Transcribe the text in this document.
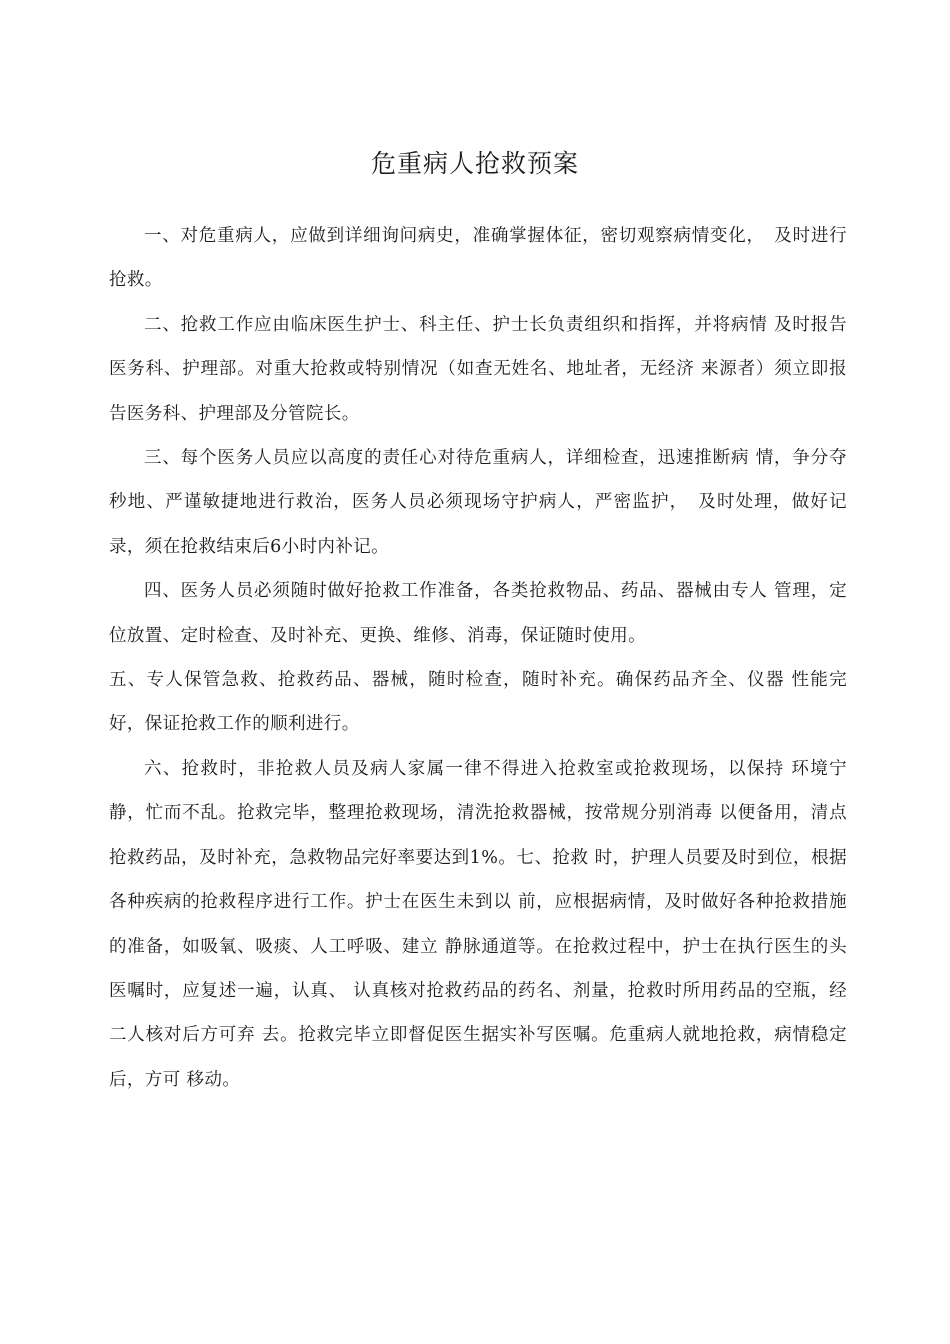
危重病人抢救预案

一、对危重病人，应做到详细询问病史，准确掌握体征，密切观察病情变化，　及时进行抢救。

二、抢救工作应由临床医生护士、科主任、护士长负责组织和指挥，并将病情 及时报告医务科、护理部。对重大抢救或特别情况（如查无姓名、地址者，无经济 来源者）须立即报告医务科、护理部及分管院长。

三、每个医务人员应以高度的责任心对待危重病人，详细检查，迅速推断病 情，争分夺秒地、严谨敏捷地进行救治，医务人员必须现场守护病人，严密监护，　及时处理，做好记录，须在抢救结束后6小时内补记。

四、医务人员必须随时做好抢救工作准备，各类抢救物品、药品、器械由专人 管理，定位放置、定时检查、及时补充、更换、维修、消毒，保证随时使用。

五、专人保管急救、抢救药品、器械，随时检查，随时补充。确保药品齐全、仪器 性能完好，保证抢救工作的顺利进行。

六、抢救时，非抢救人员及病人家属一律不得进入抢救室或抢救现场，以保持 环境宁静，忙而不乱。抢救完毕，整理抢救现场，清洗抢救器械，按常规分别消毒 以便备用，清点抢救药品，及时补充，急救物品完好率要达到1%。七、抢救 时，护理人员要及时到位，根据各种疾病的抢救程序进行工作。护士在医生未到以 前，应根据病情，及时做好各种抢救措施的准备，如吸氧、吸痰、人工呼吸、建立 静脉通道等。在抢救过程中，护士在执行医生的头医嘱时，应复述一遍，认真、 认真核对抢救药品的药名、剂量，抢救时所用药品的空瓶，经二人核对后方可弃 去。抢救完毕立即督促医生据实补写医嘱。危重病人就地抢救，病情稳定后，方可 移动。
